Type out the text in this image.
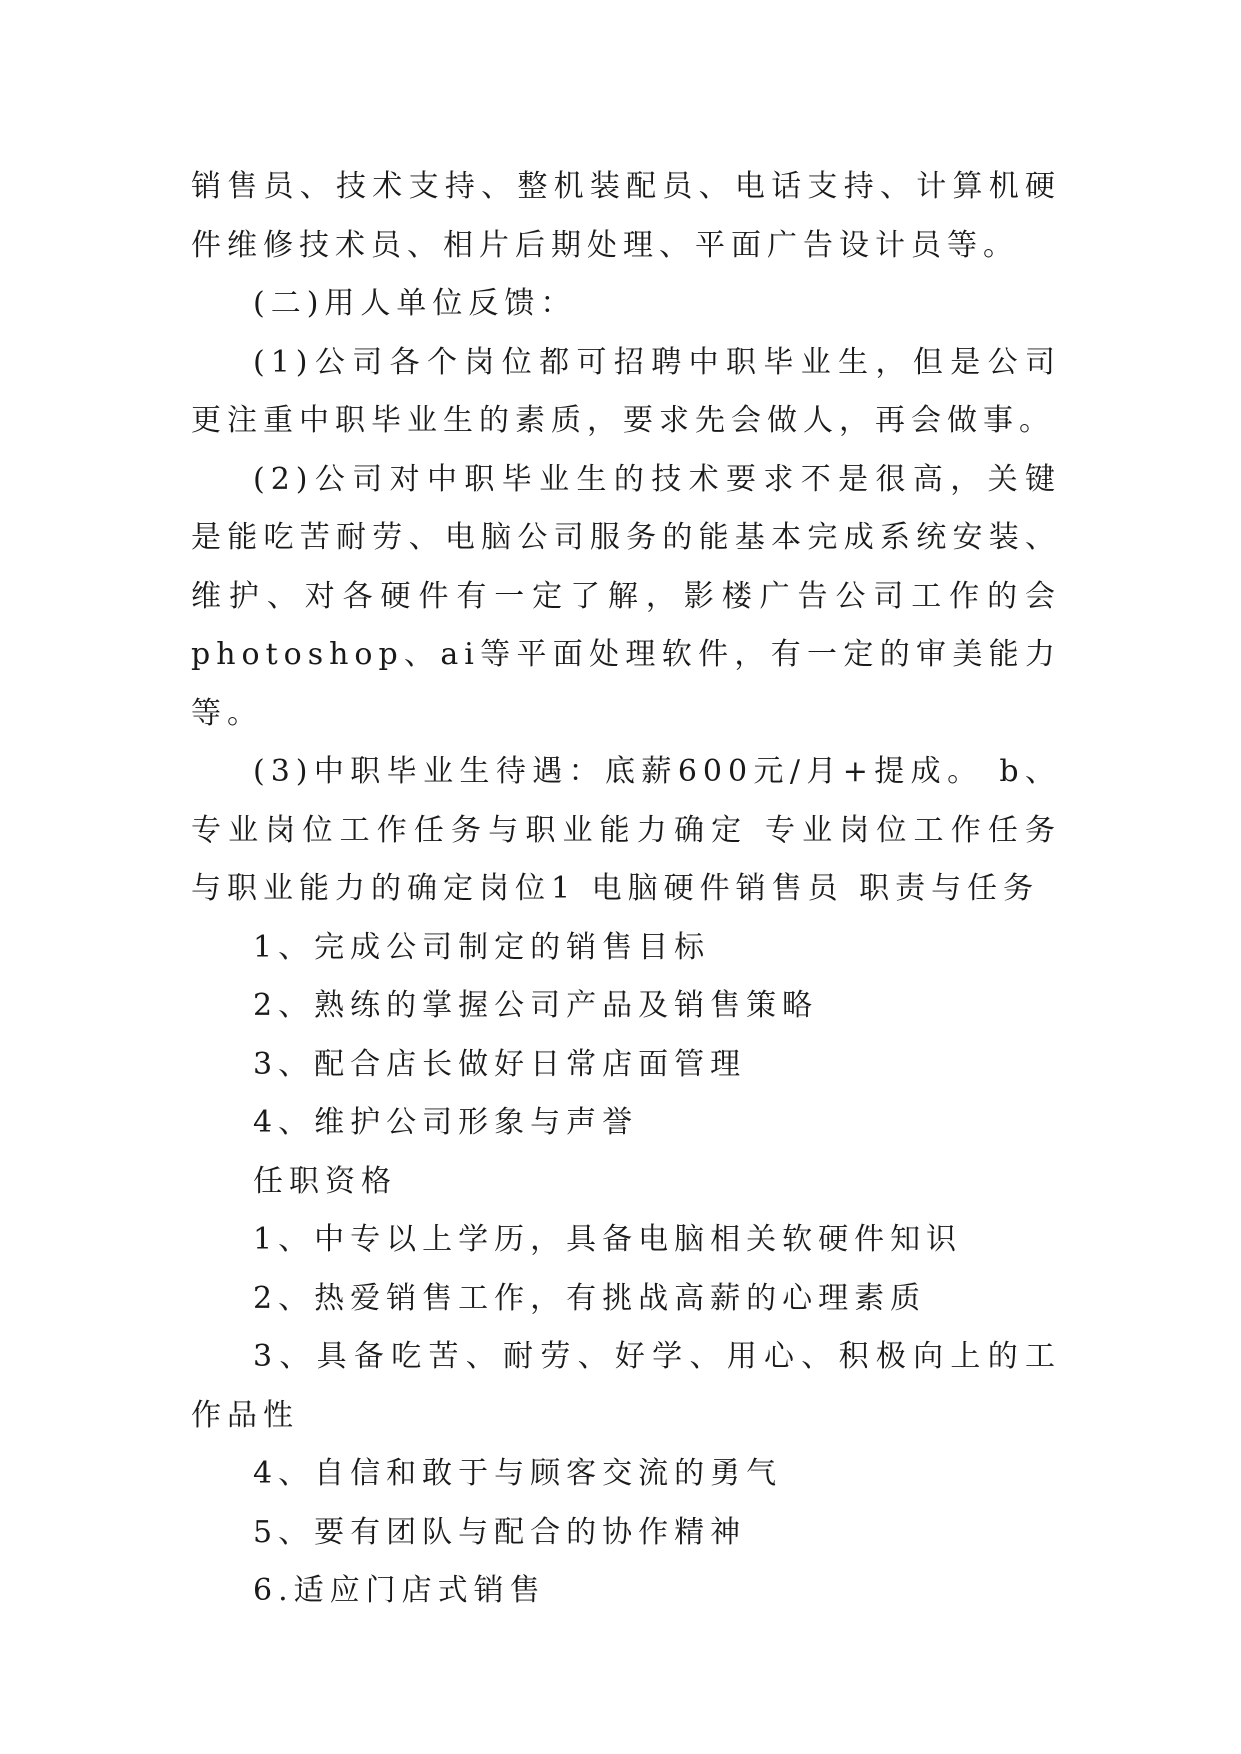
销售员、技术支持、整机装配员、电话支持、计算机硬件维修技术员、相片后期处理、平面广告设计员等。

(二)用人单位反馈：

(1)公司各个岗位都可招聘中职毕业生，但是公司更注重中职毕业生的素质，要求先会做人，再会做事。

(2)公司对中职毕业生的技术要求不是很高，关键是能吃苦耐劳、电脑公司服务的能基本完成系统安装、维护、对各硬件有一定了解，影楼广告公司工作的会photoshop、ai等平面处理软件，有一定的审美能力等。

(3)中职毕业生待遇：底薪600元/月+提成。 b、专业岗位工作任务与职业能力确定 专业岗位工作任务与职业能力的确定岗位1 电脑硬件销售员 职责与任务

1、完成公司制定的销售目标

2、熟练的掌握公司产品及销售策略

3、配合店长做好日常店面管理

4、维护公司形象与声誉

任职资格

1、中专以上学历，具备电脑相关软硬件知识

2、热爱销售工作，有挑战高薪的心理素质

3、具备吃苦、耐劳、好学、用心、积极向上的工作品性

4、自信和敢于与顾客交流的勇气

5、要有团队与配合的协作精神

6.适应门店式销售
